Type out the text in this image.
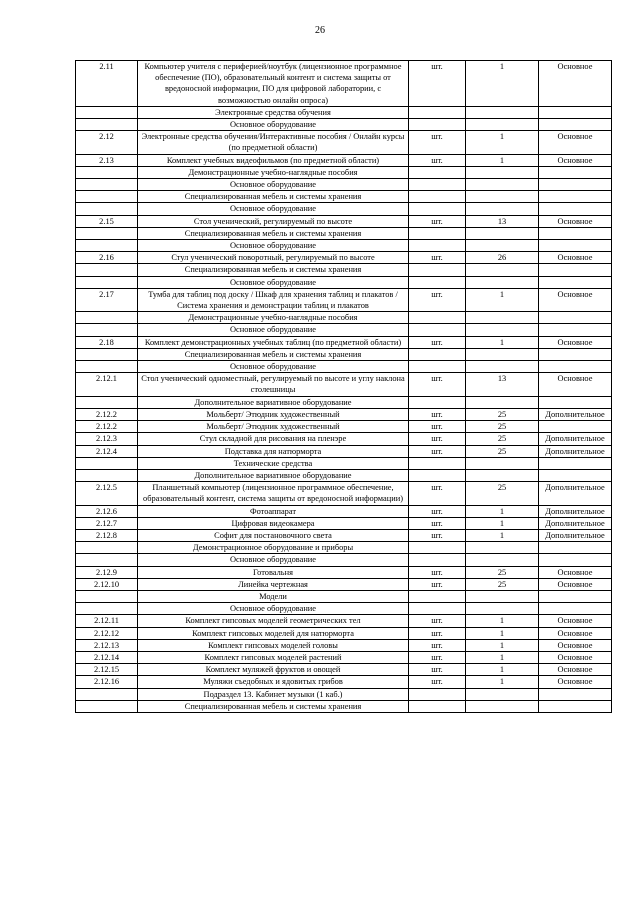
26
2.11	Компьютер учителя с периферией/ноутбук (лицензионное программное обеспечение (ПО), образовательный контент и система защиты от вредоносной информации, ПО для цифровой лаборатории, с возможностью онлайн опроса)	шт.	1	Основное
	Электронные средства обучения			
	Основное оборудование			
2.12	Электронные средства обучения/Интерактивные пособия / Онлайн курсы (по предметной области)	шт.	1	Основное
2.13	Комплект учебных видеофильмов (по предметной области)	шт.	1	Основное
	Демонстрационные учебно-наглядные пособия			
	Основное оборудование			
	Специализированная мебель и системы хранения			
	Основное оборудование			
2.15	Стол ученический, регулируемый по высоте	шт.	13	Основное
	Специализированная мебель и системы хранения			
	Основное оборудование			
2.16	Стул ученический поворотный, регулируемый по высоте	шт.	26	Основное
	Специализированная мебель и системы хранения			
	Основное оборудование			
2.17	Тумба для таблиц под доску / Шкаф для хранения таблиц и плакатов / Система хранения и демонстрации таблиц и плакатов	шт.	1	Основное
	Демонстрационные учебно-наглядные пособия			
	Основное оборудование			
2.18	Комплект демонстрационных учебных таблиц (по предметной области)	шт.	1	Основное
	Специализированная мебель и системы хранения			
	Основное оборудование			
2.12.1	Стол ученический одноместный, регулируемый по высоте и углу наклона столешницы	шт.	13	Основное
	Дополнительное вариативное оборудование			
2.12.2	Мольберт/ Этюдник художественный	шт.	25	Дополнительное
2.12.2	Мольберт/ Этюдник художественный	шт.	25	
2.12.3	Стул складной для рисования на пленэре	шт.	25	Дополнительное
2.12.4	Подставка для натюрморта	шт.	25	Дополнительное
	Технические средства			
	Дополнительное вариативное оборудование			
2.12.5	Планшетный компьютер (лицензионное программное обеспечение, образовательный контент, система защиты от вредоносной информации)	шт.	25	Дополнительное
2.12.6	Фотоаппарат	шт.	1	Дополнительное
2.12.7	Цифровая видеокамера	шт.	1	Дополнительное
2.12.8	Софит для постановочного света	шт.	1	Дополнительное
	Демонстрационное оборудование и приборы			
	Основное оборудование			
2.12.9	Готовальня	шт.	25	Основное
2.12.10	Линейка чертежная	шт.	25	Основное
	Модели			
	Основное оборудование			
2.12.11	Комплект гипсовых моделей геометрических тел	шт.	1	Основное
2.12.12	Комплект гипсовых моделей для натюрморта	шт.	1	Основное
2.12.13	Комплект гипсовых моделей головы	шт.	1	Основное
2.12.14	Комплект гипсовых моделей растений	шт.	1	Основное
2.12.15	Комплект муляжей фруктов и овощей	шт.	1	Основное
2.12.16	Муляжи съедобных и ядовитых грибов	шт.	1	Основное
	Подраздел 13. Кабинет музыки (1 каб.)			
	Специализированная мебель и системы хранения			
